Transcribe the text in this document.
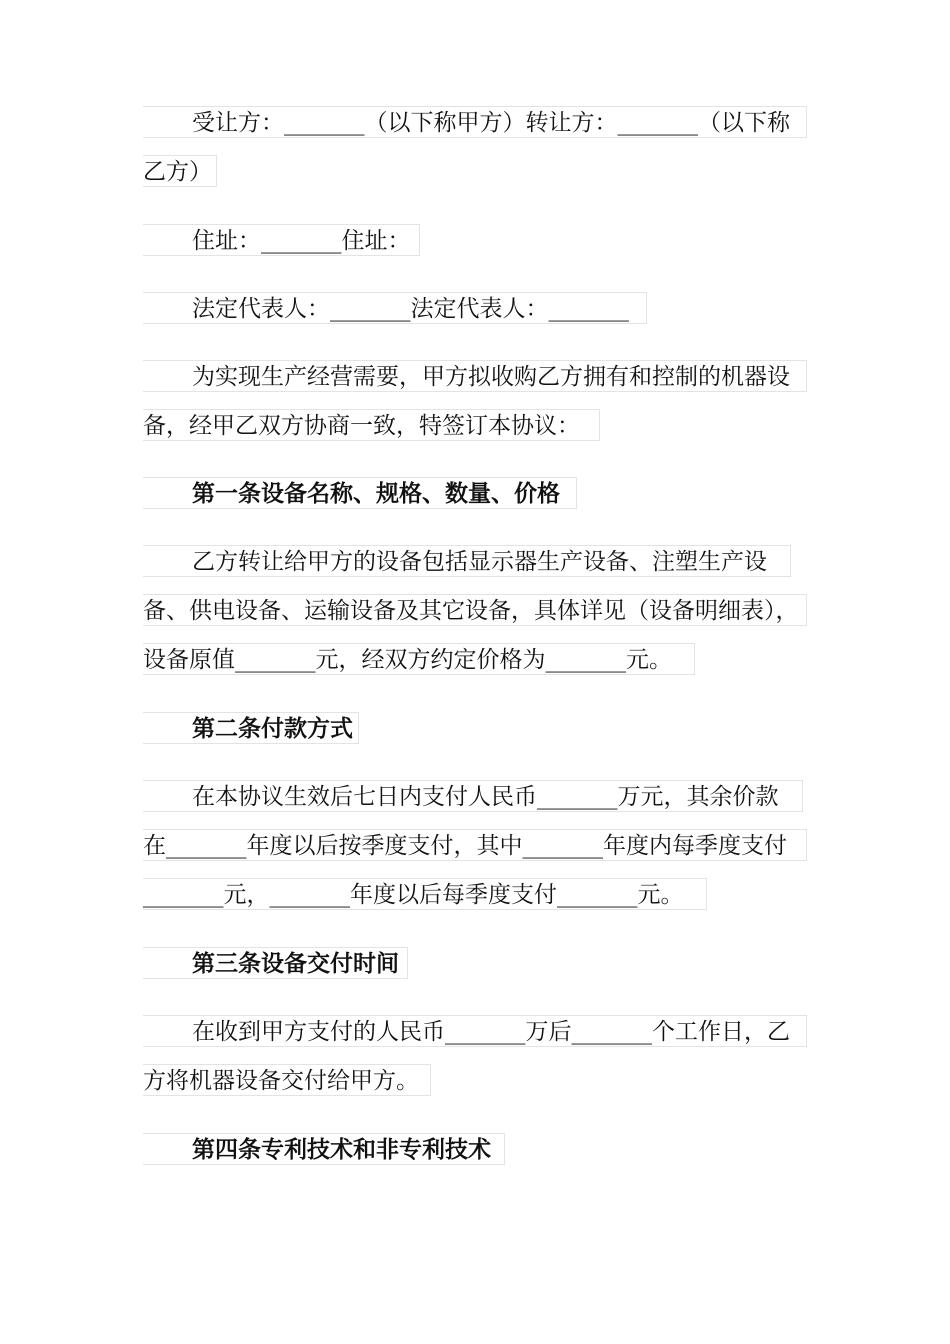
受让方：_______（以下称甲方）转让方：_______（以下称
乙方）
住址：_______住址：
法定代表人：_______法定代表人：_______
为实现生产经营需要，甲方拟收购乙方拥有和控制的机器设
备，经甲乙双方协商一致，特签订本协议：
第一条设备名称、规格、数量、价格
乙方转让给甲方的设备包括显示器生产设备、注塑生产设
备、供电设备、运输设备及其它设备，具体详见（设备明细表），
设备原值_______元，经双方约定价格为_______元。
第二条付款方式
在本协议生效后七日内支付人民币_______万元，其余价款
在_______年度以后按季度支付，其中_______年度内每季度支付
_______元，_______年度以后每季度支付_______元。
第三条设备交付时间
在收到甲方支付的人民币_______万后_______个工作日，乙
方将机器设备交付给甲方。
第四条专利技术和非专利技术
